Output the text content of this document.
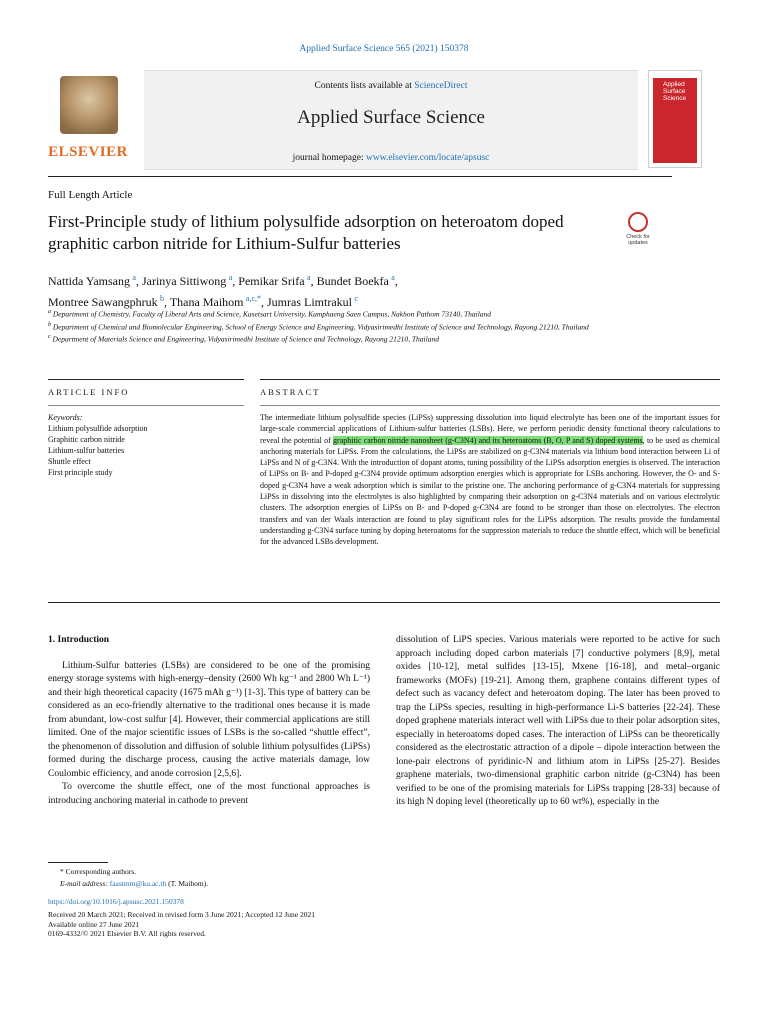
Applied Surface Science 565 (2021) 150378
ELSEVIER
Contents lists available at ScienceDirect
Applied Surface Science
journal homepage: www.elsevier.com/locate/apsusc
Applied Surface Science
Full Length Article
First-Principle study of lithium polysulfide adsorption on heteroatom doped graphitic carbon nitride for Lithium-Sulfur batteries	Check for updates
Nattida Yamsang  $^a$, Jarinya Sittiwong  $^a$, Pemikar Srifa  $^a$, Bundet Boekfa  $^a$,
Montree Sawangphruk  $^b$, Thana Maihom  $^{a,c,*}$, Jumras Limtrakul  $^c$
$^a$ Department of Chemistry, Faculty of Liberal Arts and Science, Kasetsart University, Kamphaeng Saen Campus, Nakhon Pathom 73140, Thailand
$^b$ Department of Chemical and Biomolecular Engineering, School of Energy Science and Engineering, Vidyasirimedhi Institute of Science and Technology, Rayong 21210, Thailand
$^c$ Department of Materials Science and Engineering, Vidyasirimedhi Institute of Science and Technology, Rayong 21210, Thailand
ARTICLE INFO	ABSTRACT
Keywords:
Lithium polysulfide adsorption
Graphitic carbon nitride
Lithium-sulfur batteries
Shuttle effect
First principle study
The intermediate lithium polysulfide species (LiPSs) suppressing dissolution into liquid electrolyte has been one of the important issues for large-scale commercial applications of Lithium-sulfur batteries (LSBs). Here, we perform periodic density functional theory calculations to reveal the potential of graphitic carbon nitride nanosheet (g-C3N4) and its heteroatoms (B, O, P and S) doped systems, to be used as chemical anchoring materials for LiPSs. From the calculations, the LiPSs are stabilized on g-C3N4 materials via lithium bond interaction between Li of LiPSs and N of g-C3N4. With the introduction of dopant atoms, tuning possibility of the LiPSs adsorption energies is observed. The interaction of LiPSs on B- and P-doped g-C3N4 provide optimum adsorption energies which is appropriate for LSBs anchoring. However, the O- and S-doped g-C3N4 have a weak adsorption which is similar to the pristine one. The anchoring performance of g-C3N4 materials for suppressing LiPSs in dissolving into the electrolytes is also highlighted by comparing their adsorption on g-C3N4 materials and on various electrolytic clusters. The adsorption energies of LiPSs on B- and P-doped g-C3N4 are found to be stronger than those on electrolytes. The electron transfers and van der Waals interaction are found to play significant roles for the LiPSs adsorption. The results provide the fundamental understanding g-C3N4 surface tuning by doping heteroatoms for the suppression materials to reduce the shuttle effect, which will be beneficial for the advanced LSBs development.
1. Introduction

Lithium-Sulfur batteries (LSBs) are considered to be one of the promising energy storage systems with high-energy–density (2600 Wh kg⁻¹ and 2800 Wh L⁻¹) and their high theoretical capacity (1675 mAh g⁻¹) [1-3]. This type of battery can be considered as an eco-friendly alternative to the traditional ones because it is made from abundant, low-cost sulfur [4]. However, their commercial applications are still limited. One of the major scientific issues of LSBs is the so-called “shuttle effect”, the phenomenon of dissolution and diffusion of soluble lithium polysulfides (LiPSs) formed during the discharge process, causing the active materials damage, low Coulombic efficiency, and anode corrosion [2,5,6].

To overcome the shuttle effect, one of the most functional approaches is introducing anchoring material in cathode to prevent

dissolution of LiPS species. Various materials were reported to be active for such approach including doped carbon materials [7] conductive polymers [8,9], metal oxides [10-12], metal sulfides [13-15], Mxene [16-18], and metal–organic frameworks (MOFs) [19-21]. Among them, graphene contains different types of defect such as vacancy defect and heteroatom doping. The later has been proved to trap the LiPSs species, resulting in high-performance Li-S batteries [22-24]. These doped graphene materials interact well with LiPSs due to their polar adsorption sites, especially in heteroatoms doped cases. The interaction of LiPSs can be theoretically considered as the electrostatic attraction of a dipole – dipole interaction between the lone-pair electrons of pyridinic-N and lithium atom in LiPSs [25-27]. Besides graphene materials, two-dimensional graphitic carbon nitride (g-C3N4) has been verified to be one of the promising materials for LiPSs trapping [28-33] because of its high N doping level (theoretically up to 60 wt%), especially in the

* Corresponding authors.
E-mail address: faastmm@ku.ac.th (T. Maihom).
https://doi.org/10.1016/j.apsusc.2021.150378
Received 20 March 2021; Received in revised form 3 June 2021; Accepted 12 June 2021
Available online 27 June 2021
0169-4332/© 2021 Elsevier B.V. All rights reserved.
